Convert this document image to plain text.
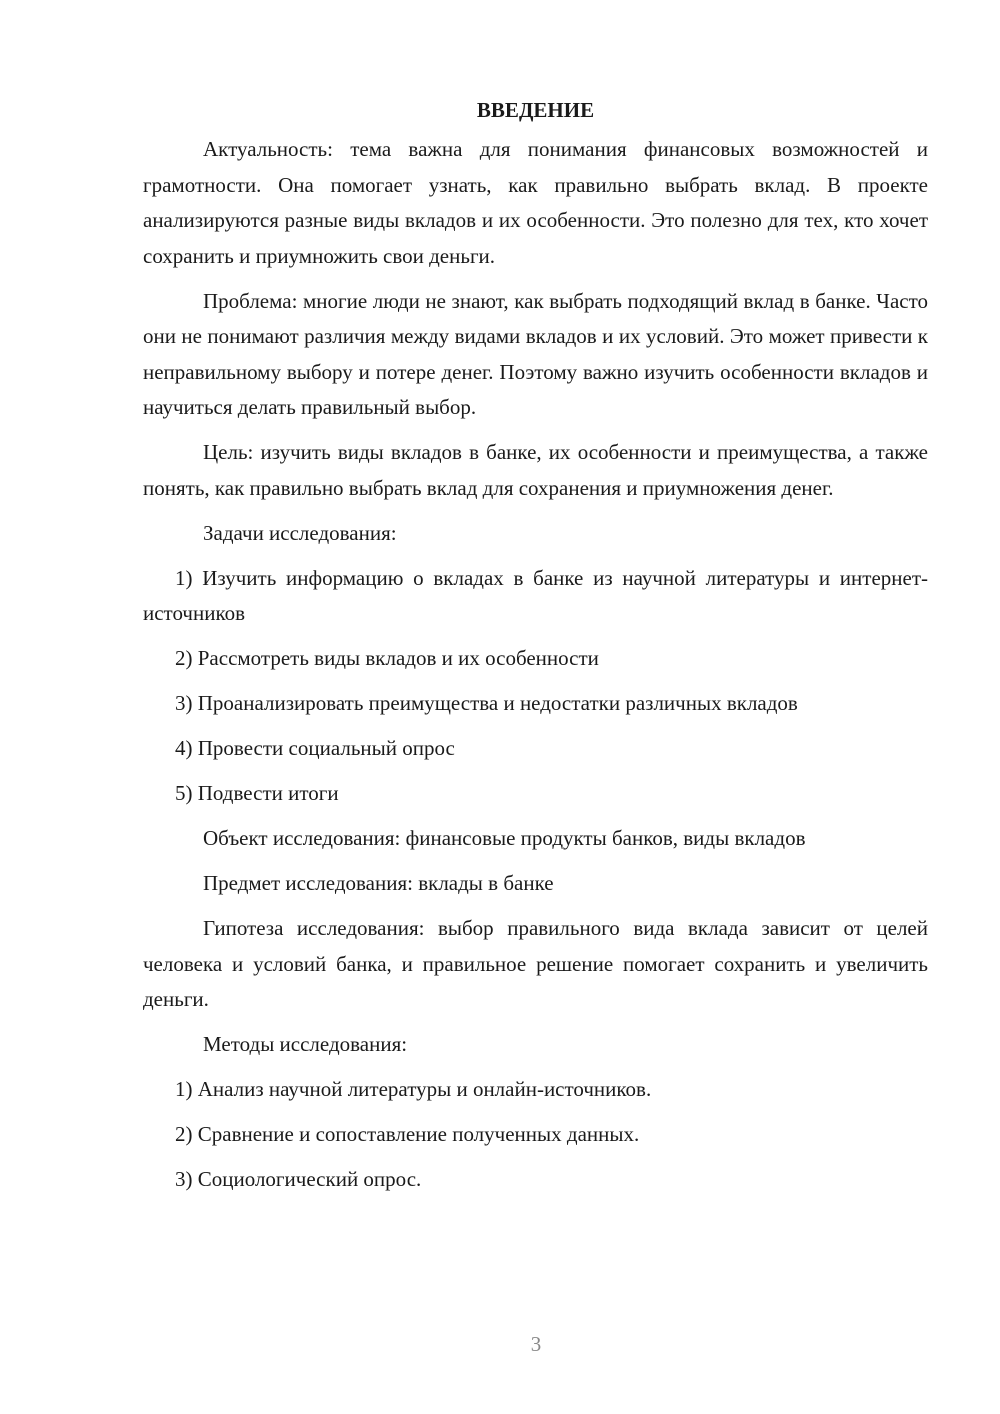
ВВЕДЕНИЕ

Актуальность: тема важна для понимания финансовых возможностей и грамотности. Она помогает узнать, как правильно выбрать вклад. В проекте анализируются разные виды вкладов и их особенности. Это полезно для тех, кто хочет сохранить и приумножить свои деньги.

Проблема: многие люди не знают, как выбрать подходящий вклад в банке. Часто они не понимают различия между видами вкладов и их условий. Это может привести к неправильному выбору и потере денег. Поэтому важно изучить особенности вкладов и научиться делать правильный выбор.

Цель: изучить виды вкладов в банке, их особенности и преимущества, а также понять, как правильно выбрать вклад для сохранения и приумножения денег.

Задачи исследования:

1) Изучить информацию о вкладах в банке из научной литературы и интернет-источников

2) Рассмотреть виды вкладов и их особенности

3) Проанализировать преимущества и недостатки различных вкладов

4) Провести социальный опрос

5) Подвести итоги

Объект исследования: финансовые продукты банков, виды вкладов

Предмет исследования: вклады в банке

Гипотеза исследования: выбор правильного вида вклада зависит от целей человека и условий банка, и правильное решение помогает сохранить и увеличить деньги.

Методы исследования:

1) Анализ научной литературы и онлайн-источников.

2) Сравнение и сопоставление полученных данных.

3) Социологический опрос.

3
